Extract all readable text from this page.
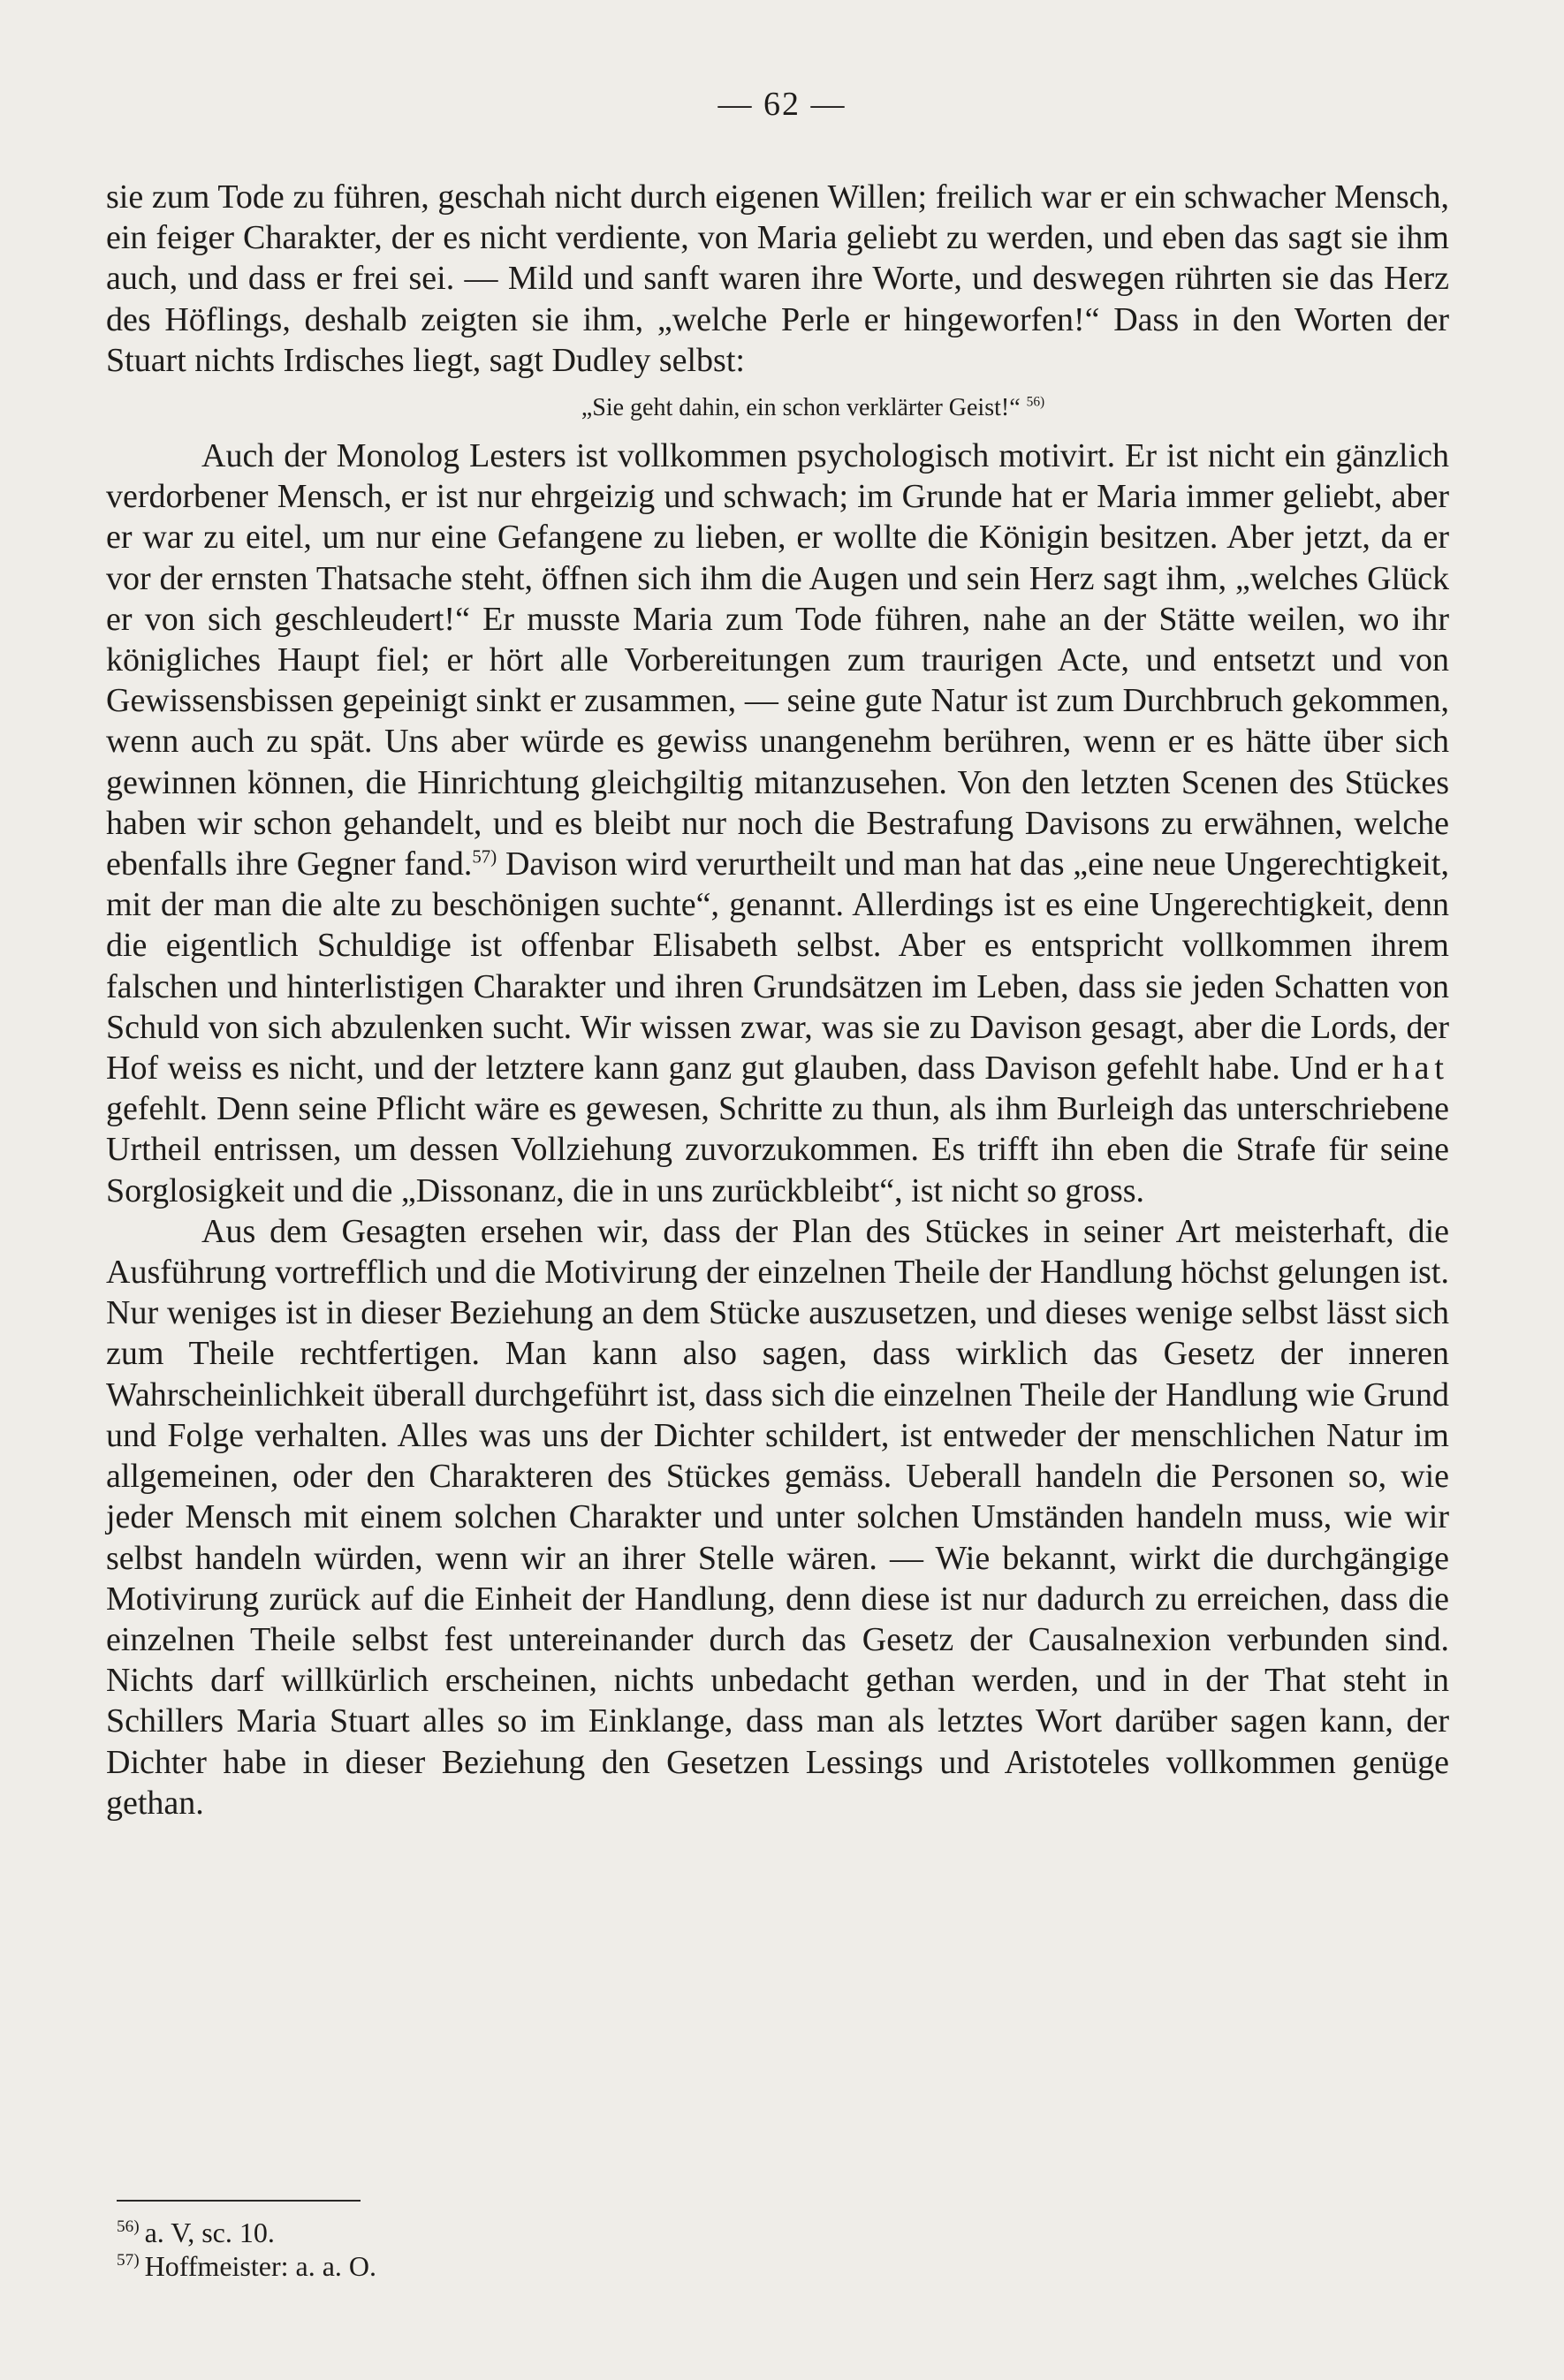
— 62 —

sie zum Tode zu führen, geschah nicht durch eigenen Willen; freilich war er ein schwacher Mensch, ein feiger Charakter, der es nicht verdiente, von Maria geliebt zu werden, und eben das sagt sie ihm auch, und dass er frei sei. — Mild und sanft waren ihre Worte, und deswegen rührten sie das Herz des Höflings, deshalb zeigten sie ihm, „welche Perle er hingeworfen!“ Dass in den Worten der Stuart nichts Irdisches liegt, sagt Dudley selbst:

„Sie geht dahin, ein schon verklärter Geist!“ $^{56)}$

Auch der Monolog Lesters ist vollkommen psychologisch motivirt. Er ist nicht ein gänzlich verdorbener Mensch, er ist nur ehrgeizig und schwach; im Grunde hat er Maria immer geliebt, aber er war zu eitel, um nur eine Gefangene zu lieben, er wollte die Königin besitzen. Aber jetzt, da er vor der ernsten Thatsache steht, öffnen sich ihm die Augen und sein Herz sagt ihm, „welches Glück er von sich geschleudert!“ Er musste Maria zum Tode führen, nahe an der Stätte weilen, wo ihr königliches Haupt fiel; er hört alle Vorbereitungen zum traurigen Acte, und entsetzt und von Gewissensbissen gepeinigt sinkt er zusammen, — seine gute Natur ist zum Durchbruch gekommen, wenn auch zu spät. Uns aber würde es gewiss unangenehm berühren, wenn er es hätte über sich gewinnen können, die Hinrichtung gleichgiltig mitanzusehen. Von den letzten Scenen des Stückes haben wir schon gehandelt, und es bleibt nur noch die Bestrafung Davisons zu erwähnen, welche ebenfalls ihre Gegner fand.$^{57)}$ Davison wird verurtheilt und man hat das „eine neue Ungerechtigkeit, mit der man die alte zu beschönigen suchte“, genannt. Allerdings ist es eine Ungerechtigkeit, denn die eigentlich Schuldige ist offenbar Elisabeth selbst. Aber es entspricht vollkommen ihrem falschen und hinterlistigen Charakter und ihren Grundsätzen im Leben, dass sie jeden Schatten von Schuld von sich abzulenken sucht. Wir wissen zwar, was sie zu Davison gesagt, aber die Lords, der Hof weiss es nicht, und der letztere kann ganz gut glauben, dass Davison gefehlt habe. Und er hat gefehlt. Denn seine Pflicht wäre es gewesen, Schritte zu thun, als ihm Burleigh das unterschriebene Urtheil entrissen, um dessen Vollziehung zuvorzukommen. Es trifft ihn eben die Strafe für seine Sorglosigkeit und die „Dissonanz, die in uns zurückbleibt“, ist nicht so gross.

Aus dem Gesagten ersehen wir, dass der Plan des Stückes in seiner Art meisterhaft, die Ausführung vortrefflich und die Motivirung der einzelnen Theile der Handlung höchst gelungen ist. Nur weniges ist in dieser Beziehung an dem Stücke auszusetzen, und dieses wenige selbst lässt sich zum Theile rechtfertigen. Man kann also sagen, dass wirklich das Gesetz der inneren Wahrscheinlichkeit überall durchgeführt ist, dass sich die einzelnen Theile der Handlung wie Grund und Folge verhalten. Alles was uns der Dichter schildert, ist entweder der menschlichen Natur im allgemeinen, oder den Charakteren des Stückes gemäss. Ueberall handeln die Personen so, wie jeder Mensch mit einem solchen Charakter und unter solchen Umständen handeln muss, wie wir selbst handeln würden, wenn wir an ihrer Stelle wären. — Wie bekannt, wirkt die durchgängige Motivirung zurück auf die Einheit der Handlung, denn diese ist nur dadurch zu erreichen, dass die einzelnen Theile selbst fest untereinander durch das Gesetz der Causalnexion verbunden sind. Nichts darf willkürlich erscheinen, nichts unbedacht gethan werden, und in der That steht in Schillers Maria Stuart alles so im Einklange, dass man als letztes Wort darüber sagen kann, der Dichter habe in dieser Beziehung den Gesetzen Lessings und Aristoteles vollkommen genüge gethan.

$^{56)}$ a. V, sc. 10.

$^{57)}$ Hoffmeister: a. a. O.
